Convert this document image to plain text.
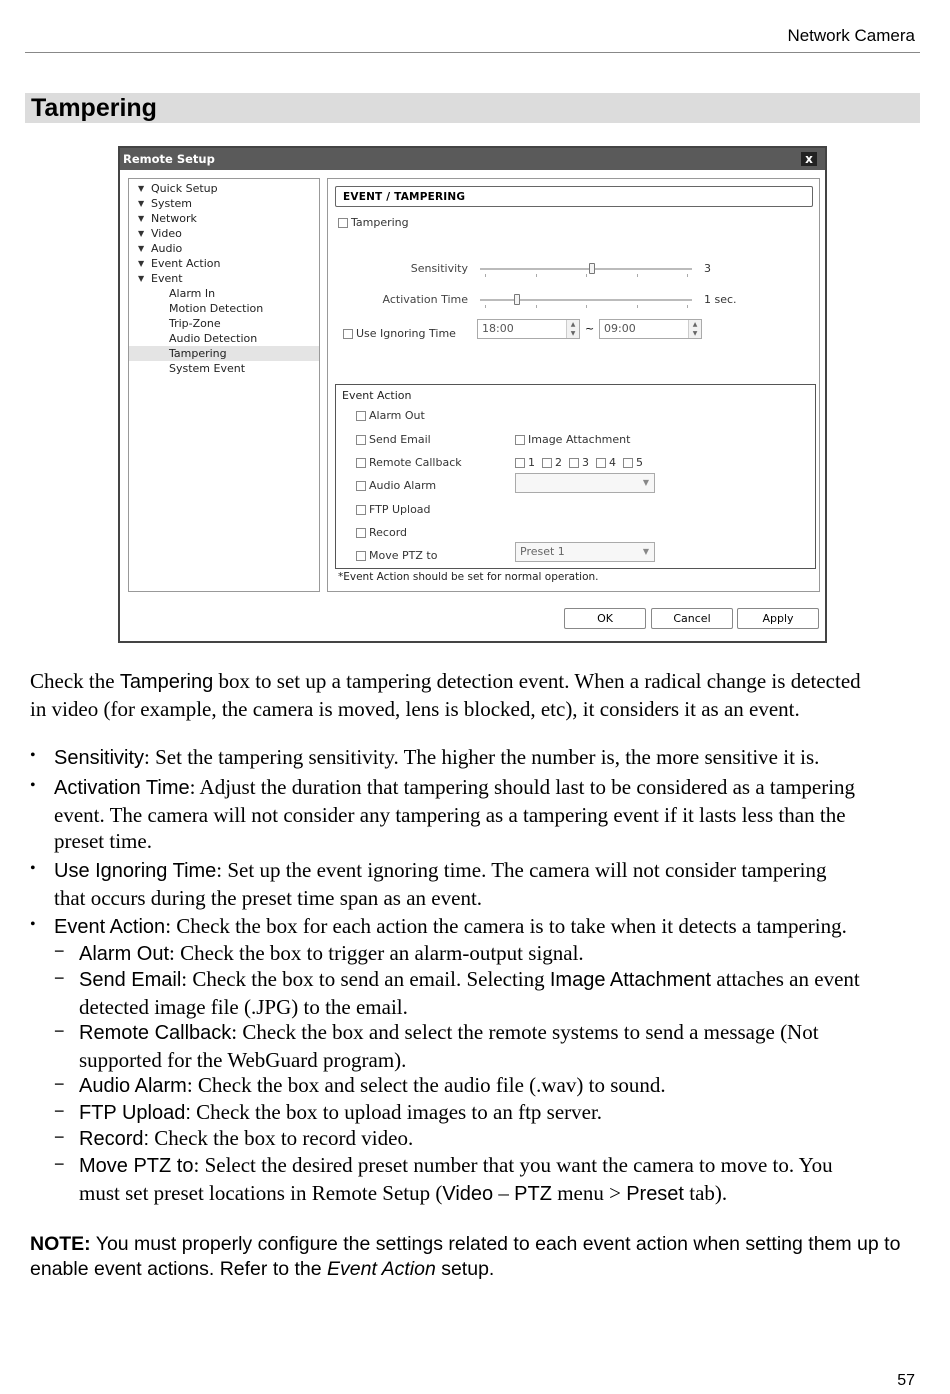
Network Camera
Tampering
Remote Setup	x
▼ Quick Setup
▼ System
▼ Network
▼ Video
▼ Audio
▼ Event Action
▼ Event
Alarm In
Motion Detection
Trip-Zone
Audio Detection
Tampering
System Event
EVENT / TAMPERING
Tampering
Sensitivity	3
Activation Time	1 sec.
Use Ignoring Time	18:00	▲
▼ ~ 09:00	▲
▼
Event Action
Alarm Out
Send Email	Image Attachment
Remote Callback	1 2 3 4 5
Audio Alarm	▼
FTP Upload
Record
Move PTZ to	Preset 1	▼
*Event Action should be set for normal operation.
OK	Cancel	Apply
Check the Tampering box to set up a tampering detection event. When a radical change is detected
in video (for example, the camera is moved, lens is blocked, etc), it considers it as an event.
• Sensitivity: Set the tampering sensitivity. The higher the number is, the more sensitive it is.
• Activation Time: Adjust the duration that tampering should last to be considered as a tampering
event. The camera will not consider any tampering as a tampering event if it lasts less than the
preset time.
• Use Ignoring Time: Set up the event ignoring time. The camera will not consider tampering
that occurs during the preset time span as an event.
• Event Action: Check the box for each action the camera is to take when it detects a tampering.
− Alarm Out: Check the box to trigger an alarm-output signal.
− Send Email: Check the box to send an email. Selecting Image Attachment attaches an event
detected image file (.JPG) to the email.
− Remote Callback: Check the box and select the remote systems to send a message (Not
supported for the WebGuard program).
− Audio Alarm: Check the box and select the audio file (.wav) to sound.
− FTP Upload: Check the box to upload images to an ftp server.
− Record: Check the box to record video.
− Move PTZ to: Select the desired preset number that you want the camera to move to. You
must set preset locations in Remote Setup (Video – PTZ menu > Preset tab).
NOTE: You must properly configure the settings related to each event action when setting them up to enable event actions. Refer to the Event Action setup.
57
